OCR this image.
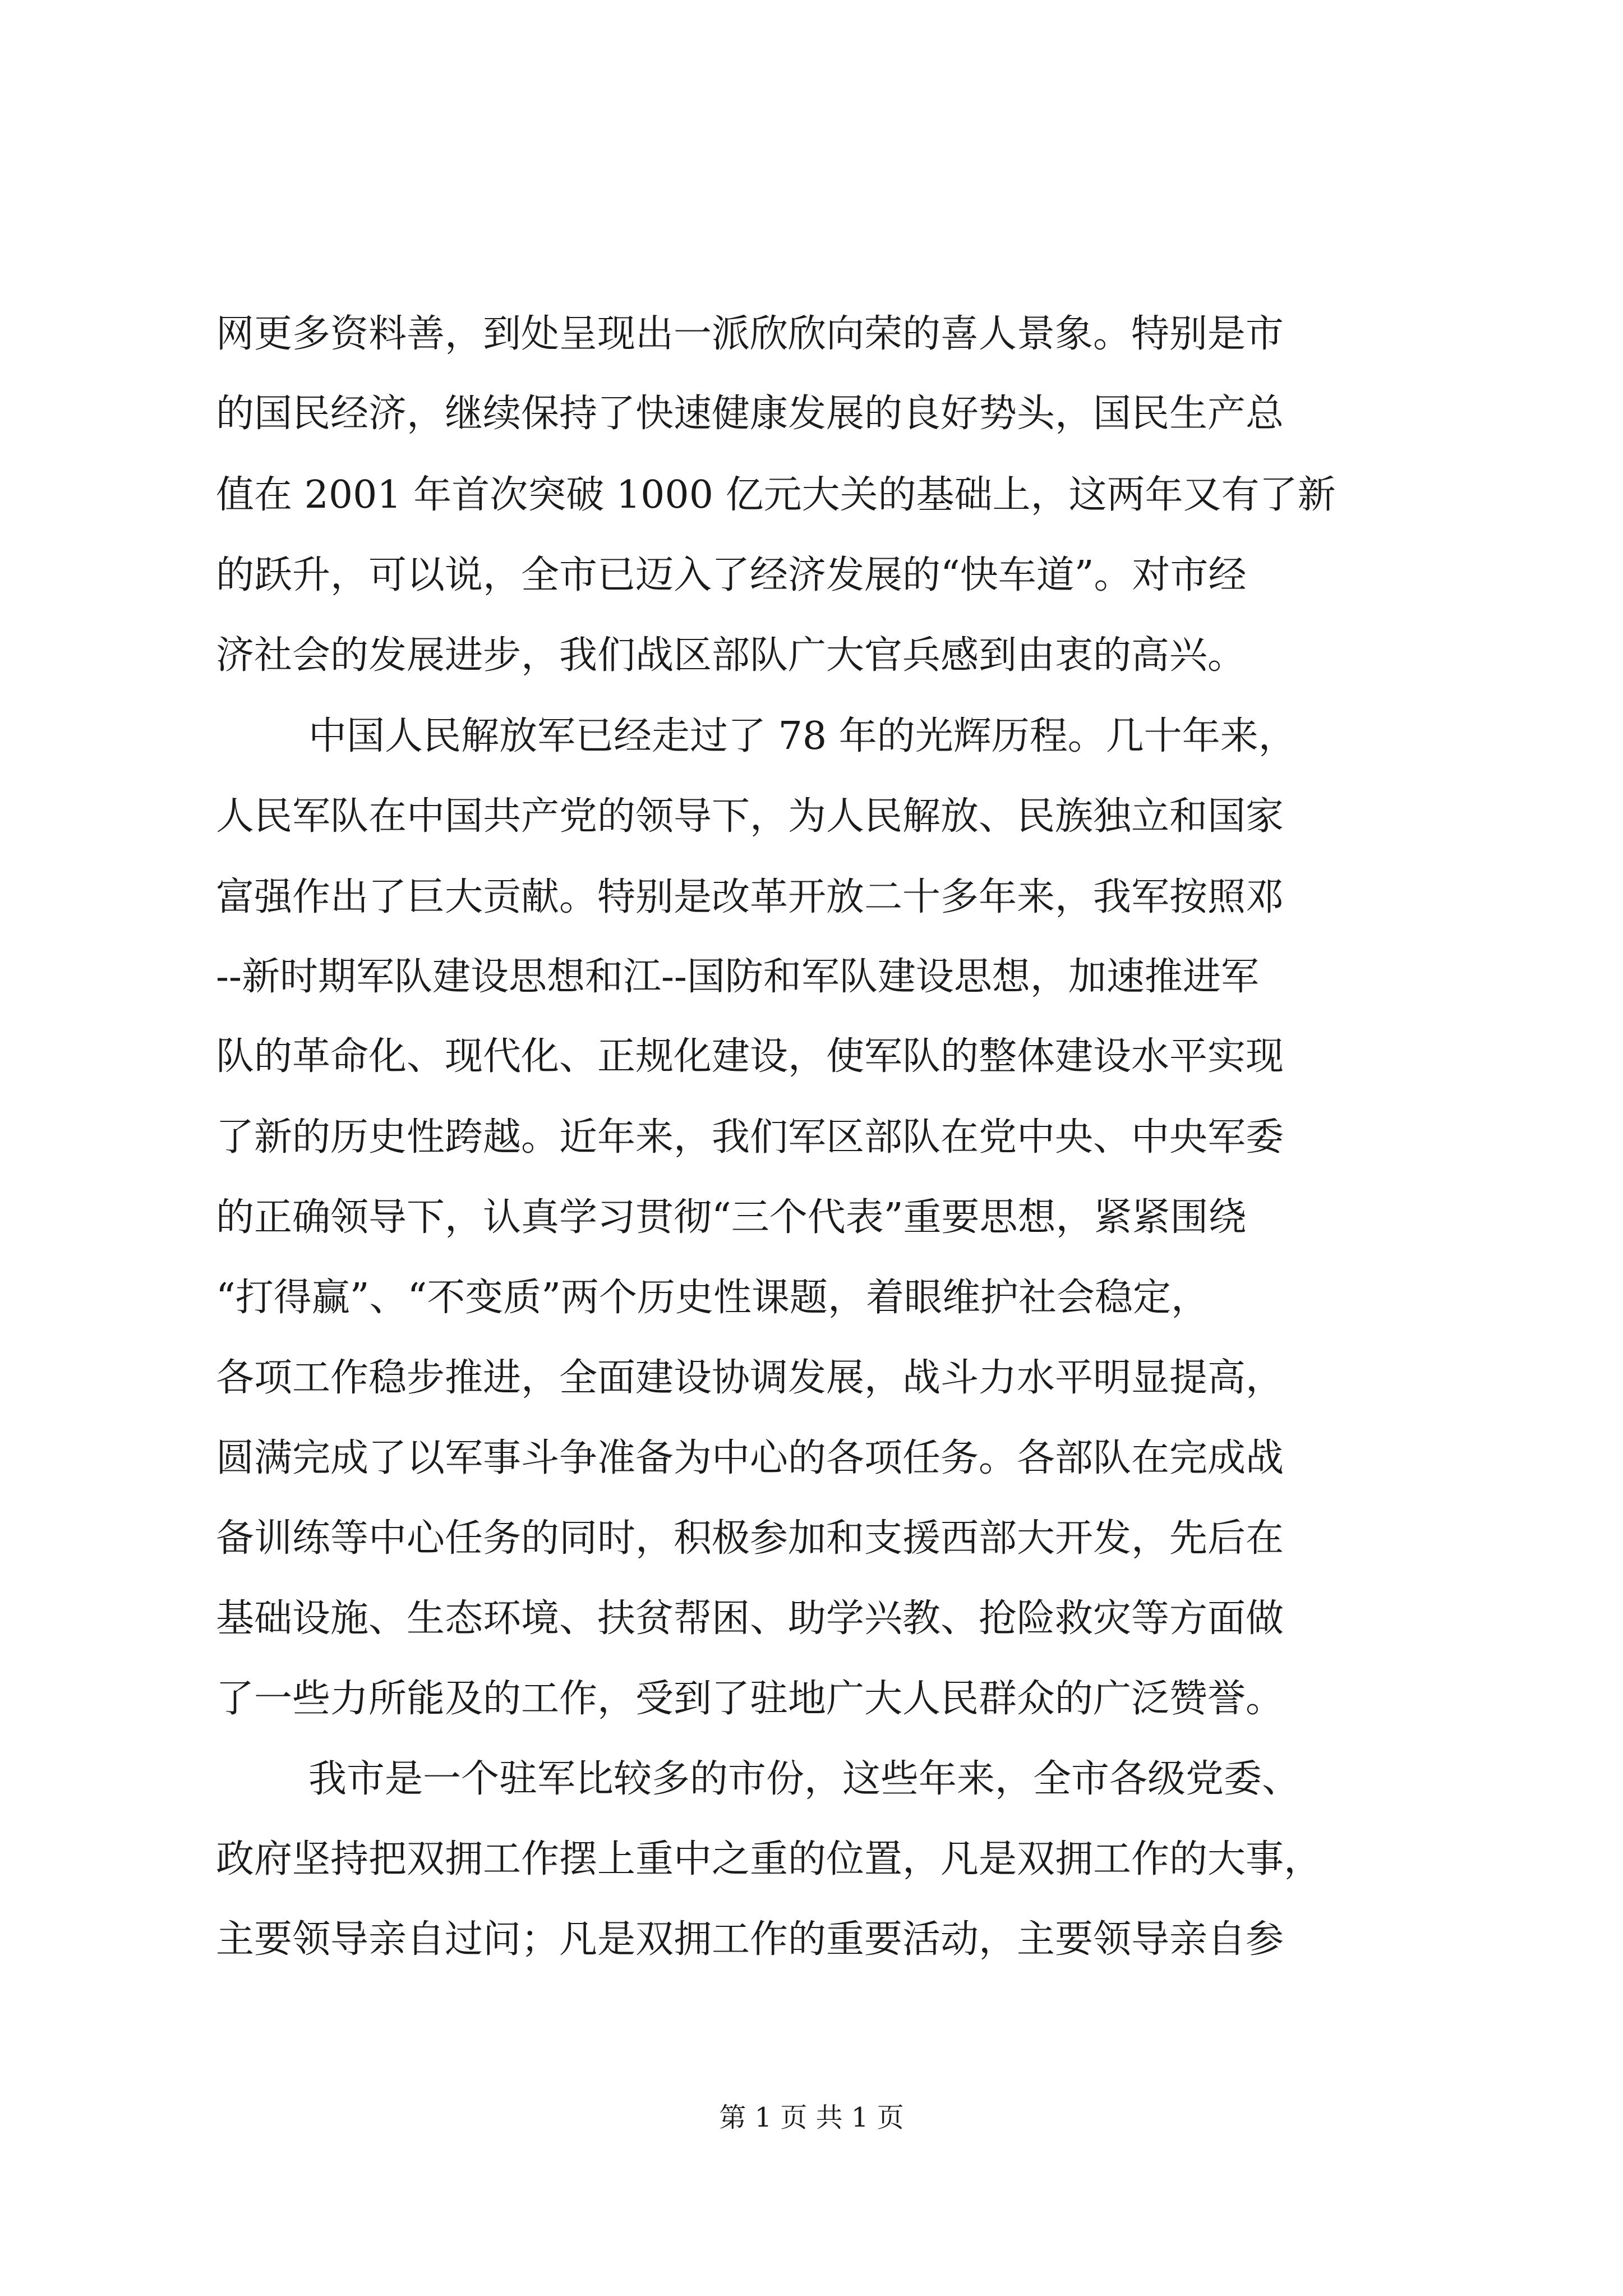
网更多资料善，到处呈现出一派欣欣向荣的喜人景象。特别是市
的国民经济，继续保持了快速健康发展的良好势头，国民生产总
值在 2001 年首次突破 1000 亿元大关的基础上，这两年又有了新
的跃升，可以说，全市已迈入了经济发展的“快车道”。对市经
济社会的发展进步，我们战区部队广大官兵感到由衷的高兴。
中国人民解放军已经走过了 78 年的光辉历程。几十年来，
人民军队在中国共产党的领导下，为人民解放、民族独立和国家
富强作出了巨大贡献。特别是改革开放二十多年来，我军按照邓
--新时期军队建设思想和江--国防和军队建设思想，加速推进军
队的革命化、现代化、正规化建设，使军队的整体建设水平实现
了新的历史性跨越。近年来，我们军区部队在党中央、中央军委
的正确领导下，认真学习贯彻“三个代表”重要思想，紧紧围绕
“打得赢”、“不变质”两个历史性课题，着眼维护社会稳定，
各项工作稳步推进，全面建设协调发展，战斗力水平明显提高，
圆满完成了以军事斗争准备为中心的各项任务。各部队在完成战
备训练等中心任务的同时，积极参加和支援西部大开发，先后在
基础设施、生态环境、扶贫帮困、助学兴教、抢险救灾等方面做
了一些力所能及的工作，受到了驻地广大人民群众的广泛赞誉。
我市是一个驻军比较多的市份，这些年来，全市各级党委、
政府坚持把双拥工作摆上重中之重的位置，凡是双拥工作的大事，
主要领导亲自过问；凡是双拥工作的重要活动，主要领导亲自参
第 1 页 共 1 页
